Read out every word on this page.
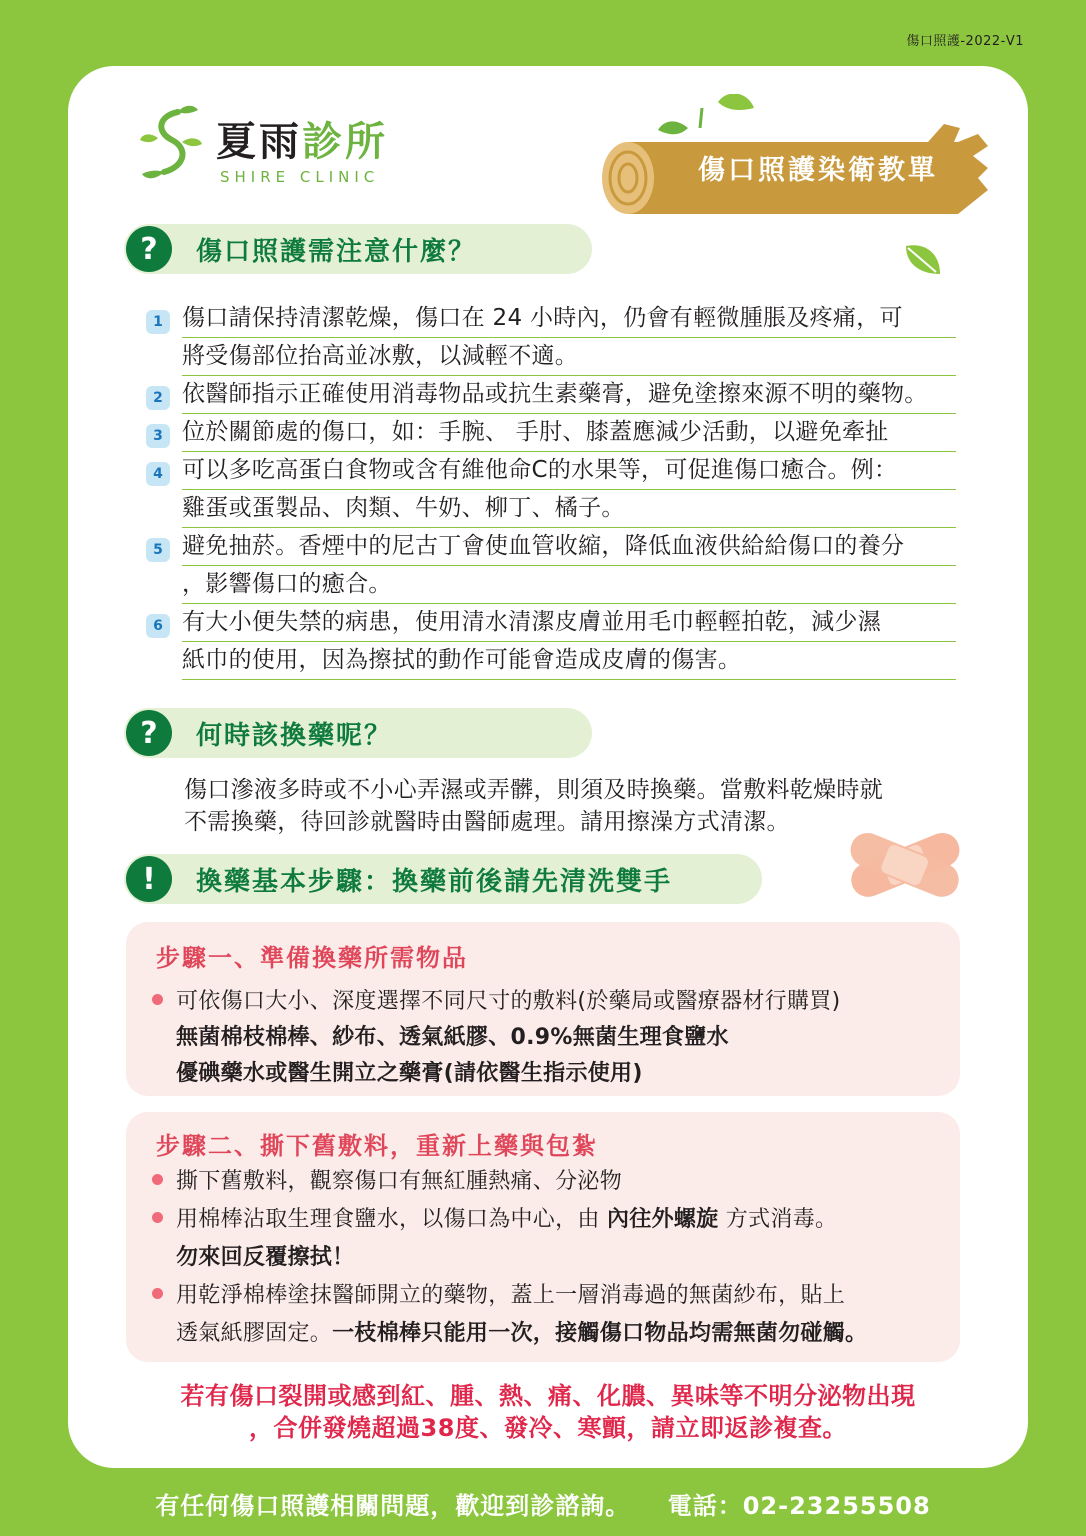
傷口照護-2022-V1
夏雨診所
SHIRE CLINIC	傷口照護染衛教單
?	傷口照護需注意什麼？
1 傷口請保持清潔乾燥，傷口在 24 小時內，仍會有輕微腫脹及疼痛，可
將受傷部位抬高並冰敷，以減輕不適。
2 依醫師指示正確使用消毒物品或抗生素藥膏，避免塗擦來源不明的藥物。
3 位於關節處的傷口，如：手腕、 手肘、膝蓋應減少活動，以避免牽扯
4 可以多吃高蛋白食物或含有維他命C的水果等，可促進傷口癒合。例：
雞蛋或蛋製品、肉類、牛奶、柳丁、橘子。
5 避免抽菸。香煙中的尼古丁會使血管收縮，降低血液供給給傷口的養分
，影響傷口的癒合。
6 有大小便失禁的病患，使用清水清潔皮膚並用毛巾輕輕拍乾，減少濕
紙巾的使用，因為擦拭的動作可能會造成皮膚的傷害。
?	何時該換藥呢？
傷口滲液多時或不小心弄濕或弄髒，則須及時換藥。當敷料乾燥時就
不需換藥，待回診就醫時由醫師處理。請用擦澡方式清潔。
!	換藥基本步驟：換藥前後請先清洗雙手
步驟一、準備換藥所需物品
可依傷口大小、深度選擇不同尺寸的敷料(於藥局或醫療器材行購買)
無菌棉枝棉棒、紗布、透氣紙膠、0.9%無菌生理食鹽水
優碘藥水或醫生開立之藥膏(請依醫生指示使用)
步驟二、撕下舊敷料，重新上藥與包紮
撕下舊敷料，觀察傷口有無紅腫熱痛、分泌物
用棉棒沾取生理食鹽水，以傷口為中心，由 內往外螺旋 方式消毒。
勿來回反覆擦拭！
用乾淨棉棒塗抹醫師開立的藥物，蓋上一層消毒過的無菌紗布，貼上
透氣紙膠固定。一枝棉棒只能用一次，接觸傷口物品均需無菌勿碰觸。
若有傷口裂開或感到紅、腫、熱、痛、化膿、異味等不明分泌物出現
，合併發燒超過38度、發冷、寒顫，請立即返診複查。
有任何傷口照護相關問題，歡迎到診諮詢。 電話：02-23255508
